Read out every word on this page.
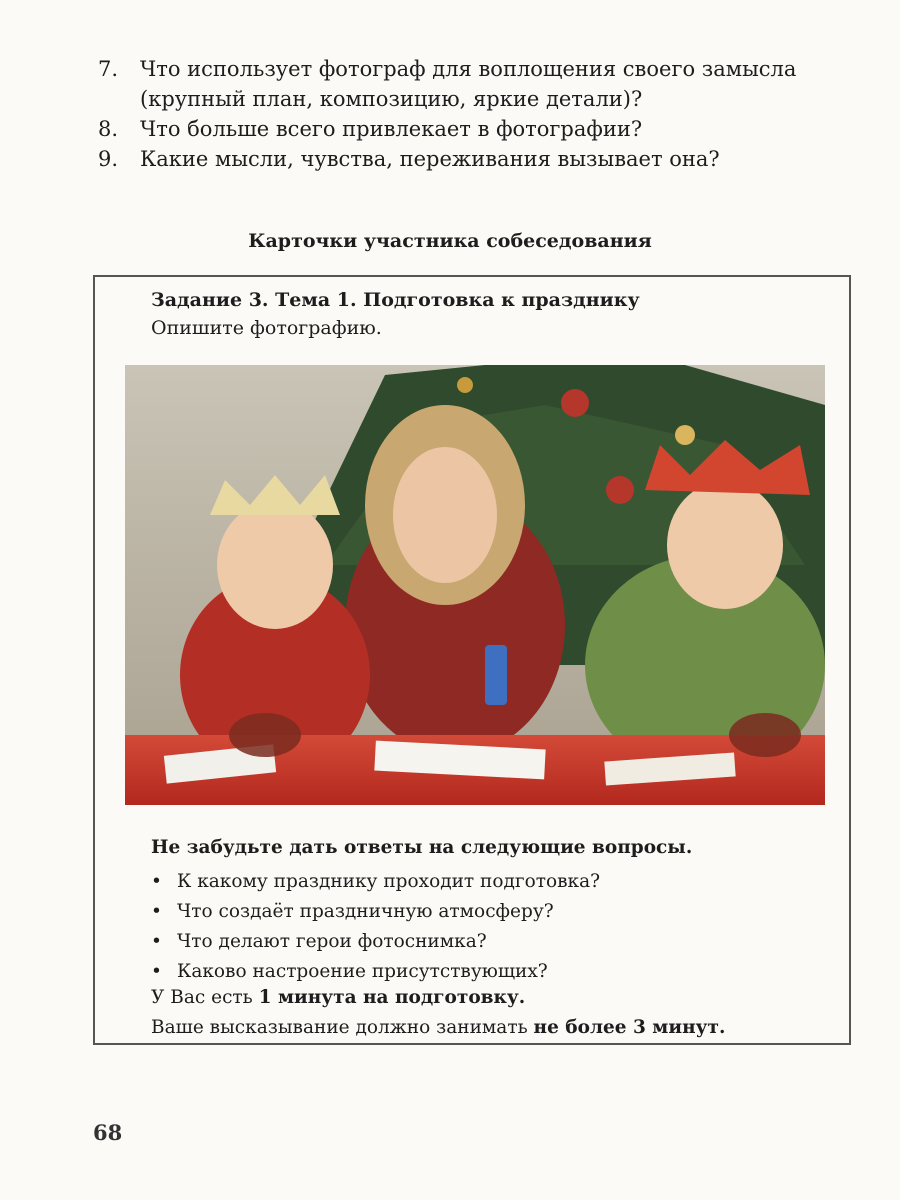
7.	Что использует фотограф для воплощения своего замысла (крупный план, композицию, яркие детали)?
8.	Что больше всего привлекает в фотографии?
9.	Какие мысли, чувства, переживания вызывает она?
Карточки участника собеседования
Задание 3. Тема 1. Подготовка к празднику
Опишите фотографию.
Не забудьте дать ответы на следующие вопросы.
• К какому празднику проходит подготовка?
• Что создаёт праздничную атмосферу?
• Что делают герои фотоснимка?
• Каково настроение присутствующих?
У Вас есть 1 минута на подготовку.
Ваше высказывание должно занимать не более 3 минут.
68
